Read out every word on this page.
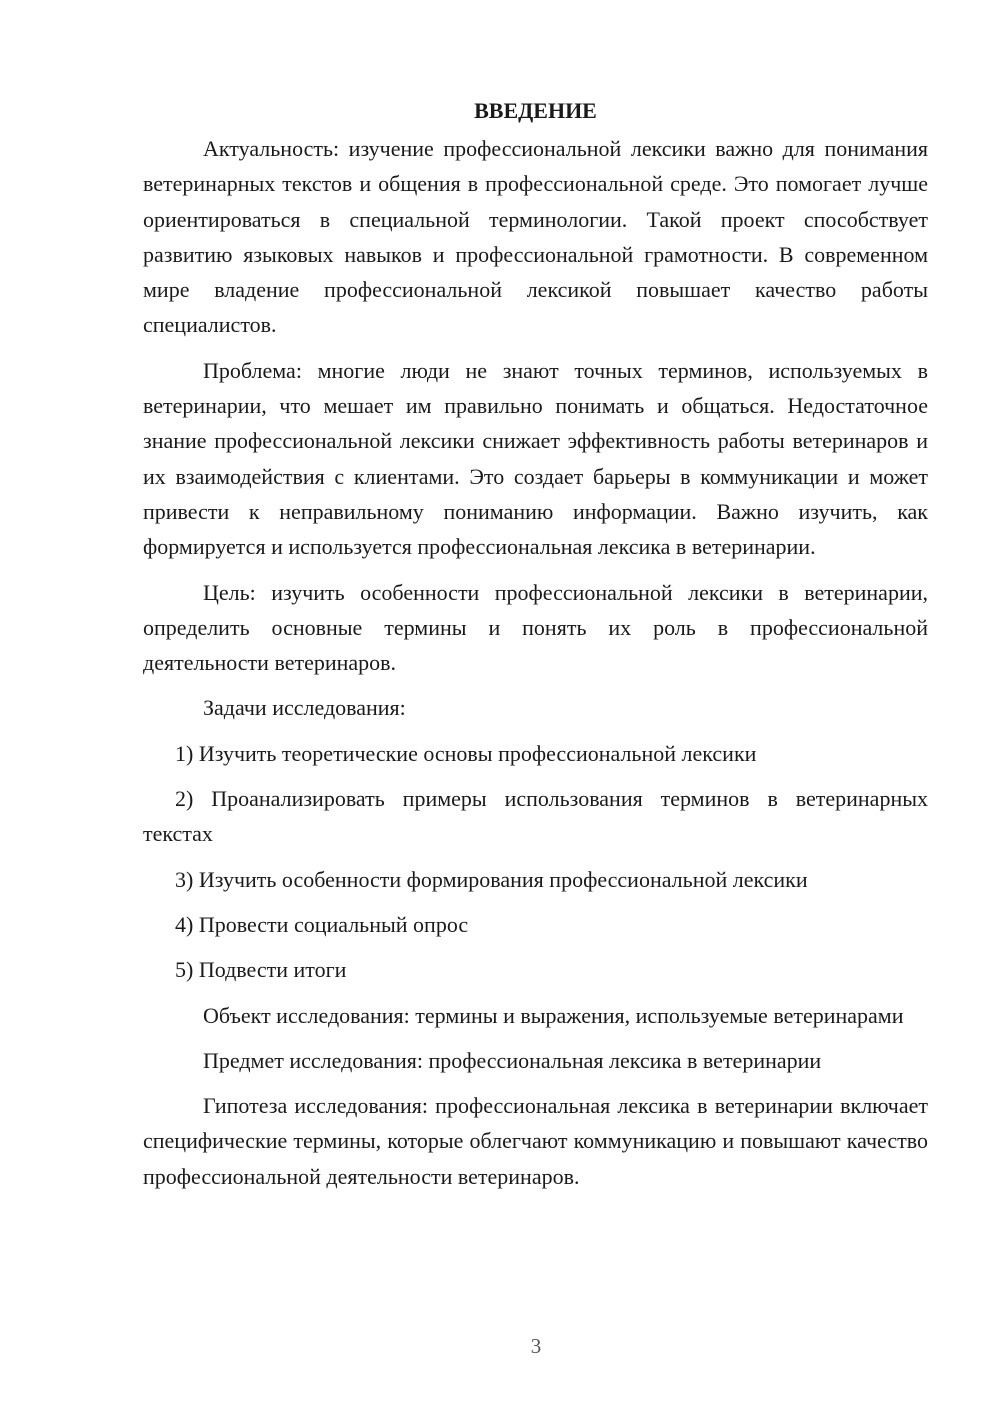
ВВЕДЕНИЕ

Актуальность: изучение профессиональной лексики важно для понимания ветеринарных текстов и общения в профессиональной среде. Это помогает лучше ориентироваться в специальной терминологии. Такой проект способствует развитию языковых навыков и профессиональной грамотности. В современном мире владение профессиональной лексикой повышает качество работы специалистов.

Проблема: многие люди не знают точных терминов, используемых в ветеринарии, что мешает им правильно понимать и общаться. Недостаточное знание профессиональной лексики снижает эффективность работы ветеринаров и их взаимодействия с клиентами. Это создает барьеры в коммуникации и может привести к неправильному пониманию информации. Важно изучить, как формируется и используется профессиональная лексика в ветеринарии.

Цель: изучить особенности профессиональной лексики в ветеринарии, определить основные термины и понять их роль в профессиональной деятельности ветеринаров.

Задачи исследования:

1) Изучить теоретические основы профессиональной лексики

2) Проанализировать примеры использования терминов в ветеринарных текстах

3) Изучить особенности формирования профессиональной лексики

4) Провести социальный опрос

5) Подвести итоги

Объект исследования: термины и выражения, используемые ветеринарами

Предмет исследования: профессиональная лексика в ветеринарии

Гипотеза исследования: профессиональная лексика в ветеринарии включает специфические термины, которые облегчают коммуникацию и повышают качество профессиональной деятельности ветеринаров.

3
